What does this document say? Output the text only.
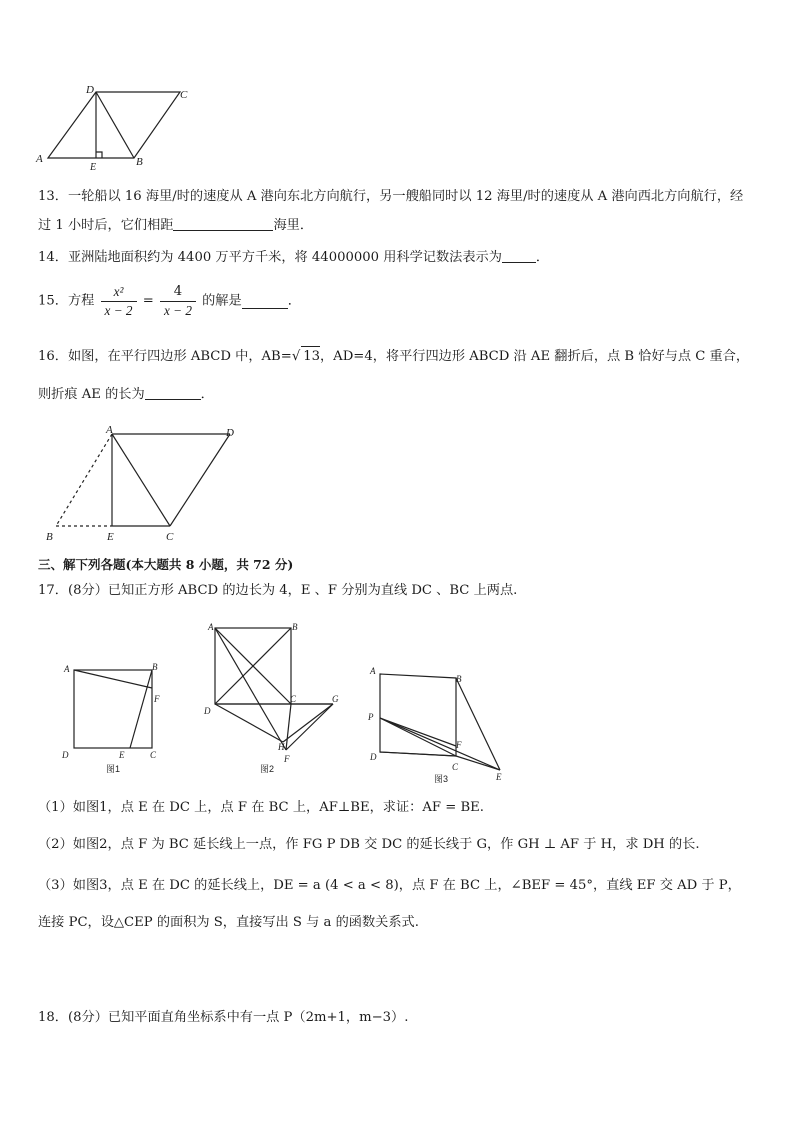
D	C
A
E	B
13．一轮船以 16 海里/时的速度从 A 港向东北方向航行，另一艘船同时以 12 海里/时的速度从 A 港向西北方向航行，经
过 1 小时后，它们相距	海里．
14．亚洲陆地面积约为 4400 万平方千米，将 44000000 用科学记数法表示为	．
15．方程 $\frac{\text{x²}}{x - 2} = \frac{4}{x - 2}$ 的解是	．
16．如图，在平行四边形 ABCD 中，AB=√ 13，AD=4，将平行四边形 ABCD 沿 AE 翻折后，点 B 恰好与点 C 重合，
则折痕 AE 的长为	．
A	D
B	E	C
三、解下列各题(本大题共 8 小题，共 72 分)
17．(8分）已知正方形 ABCD 的边长为 4，E 、F 分别为直线 DC 、BC 上两点.
A	B
F
D	E	C
图1
A	B
C	G
D
H
F
图2
A
B
P
F
D
C
E
图3
（1）如图1，点 E 在 DC 上，点 F 在 BC 上，AF⊥BE，求证：AF = BE.
（2）如图2，点 F 为 BC 延长线上一点，作 FG P DB 交 DC 的延长线于 G，作 GH ⊥ AF 于 H，求 DH 的长.
（3）如图3，点 E 在 DC 的延长线上，DE = a (4 < a < 8)，点 F 在 BC 上，∠BEF = 45°，直线 EF 交 AD 于 P，
连接 PC，设△CEP 的面积为 S，直接写出 S 与 a 的函数关系式.
18．(8分）已知平面直角坐标系中有一点 P（2m+1，m−3）.
